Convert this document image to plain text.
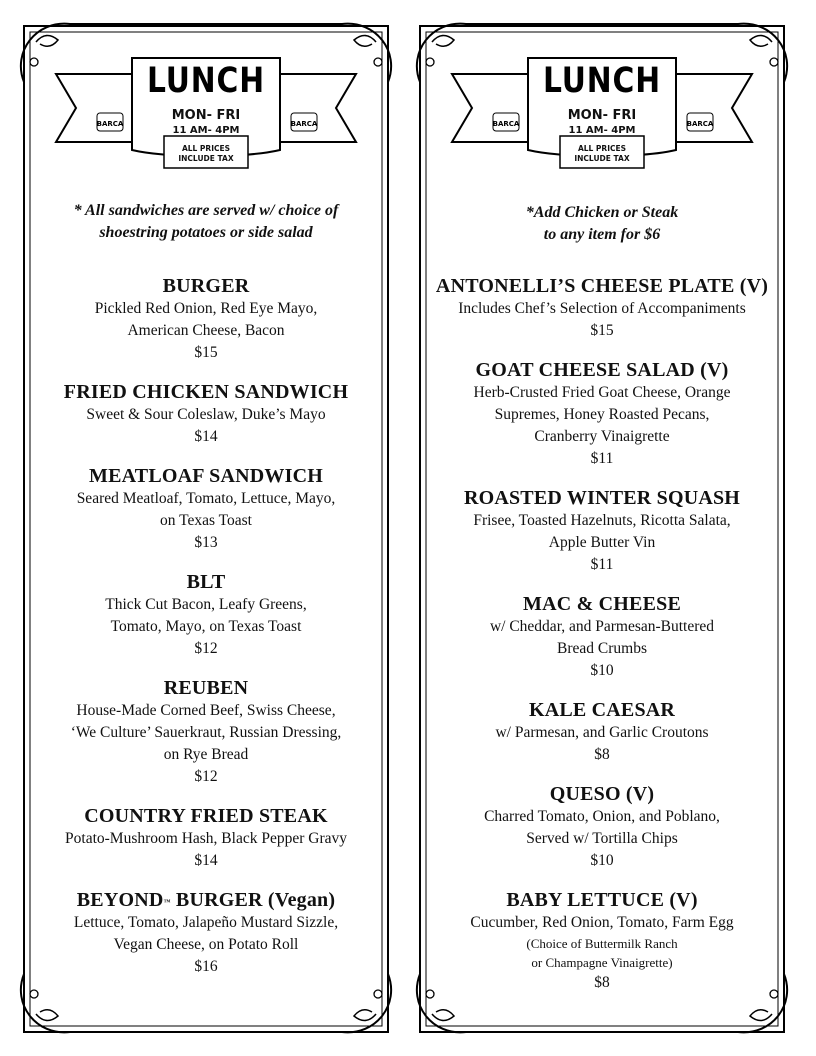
BARCA	BARCA
LUNCH
MON- FRI
11 AM- 4PM
ALL PRICES
INCLUDE TAX
* All sandwiches are served w/ choice of
shoestring potatoes or side salad
BURGER
Pickled Red Onion, Red Eye Mayo,
American Cheese, Bacon
$15
FRIED CHICKEN SANDWICH
Sweet & Sour Coleslaw, Duke’s Mayo
$14
MEATLOAF SANDWICH
Seared Meatloaf, Tomato, Lettuce, Mayo,
on Texas Toast
$13
BLT
Thick Cut Bacon, Leafy Greens,
Tomato, Mayo, on Texas Toast
$12
REUBEN
House-Made Corned Beef, Swiss Cheese,
‘We Culture’ Sauerkraut, Russian Dressing,
on Rye Bread
$12
COUNTRY FRIED STEAK
Potato-Mushroom Hash, Black Pepper Gravy
$14
BEYOND™ BURGER (Vegan)
Lettuce, Tomato, Jalapeño Mustard Sizzle,
Vegan Cheese, on Potato Roll
$16
BARCA	BARCA
LUNCH
MON- FRI
11 AM- 4PM
ALL PRICES
INCLUDE TAX
*Add Chicken or Steak
to any item for $6
ANTONELLI’S CHEESE PLATE (V)
Includes Chef’s Selection of Accompaniments
$15
GOAT CHEESE SALAD (V)
Herb-Crusted Fried Goat Cheese, Orange
Supremes, Honey Roasted Pecans,
Cranberry Vinaigrette
$11
ROASTED WINTER SQUASH
Frisee, Toasted Hazelnuts, Ricotta Salata,
Apple Butter Vin
$11
MAC & CHEESE
w/ Cheddar, and Parmesan-Buttered
Bread Crumbs
$10
KALE CAESAR
w/ Parmesan, and Garlic Croutons
$8
QUESO (V)
Charred Tomato, Onion, and Poblano,
Served w/ Tortilla Chips
$10
BABY LETTUCE (V)
Cucumber, Red Onion, Tomato, Farm Egg
(Choice of Buttermilk Ranch
or Champagne Vinaigrette)
$8
